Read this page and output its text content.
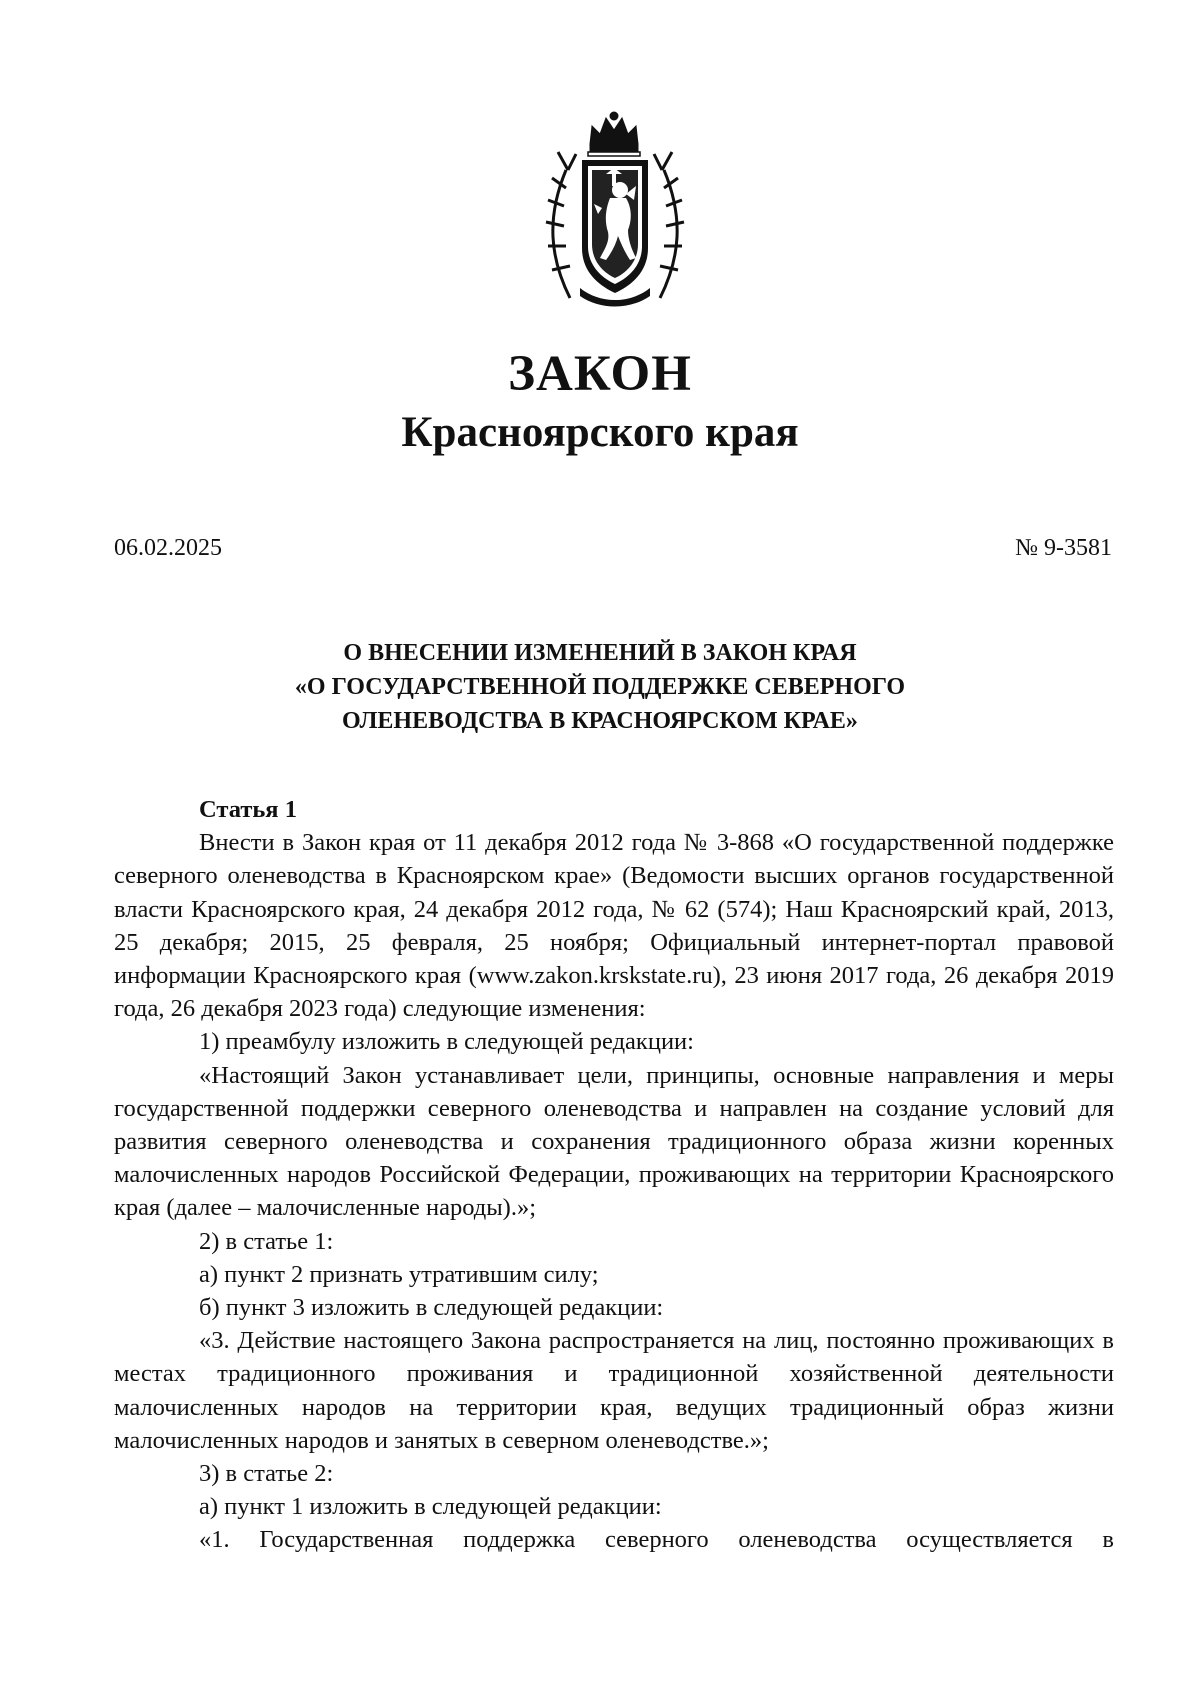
ЗАКОН
Красноярского края
06.02.2025	№ 9-3581
О ВНЕСЕНИИ ИЗМЕНЕНИЙ В ЗАКОН КРАЯ
«О ГОСУДАРСТВЕННОЙ ПОДДЕРЖКЕ СЕВЕРНОГО
ОЛЕНЕВОДСТВА В КРАСНОЯРСКОМ КРАЕ»
Статья 1

Внести в Закон края от 11 декабря 2012 года № 3-868 «О государственной поддержке северного оленеводства в Красноярском крае» (Ведомости высших органов государственной власти Красноярского края, 24 декабря 2012 года, № 62 (574); Наш Красноярский край, 2013, 25 декабря; 2015, 25 февраля, 25 ноября; Официальный интернет-портал правовой информации Красноярского края (www.zakon.krskstate.ru), 23 июня 2017 года, 26 декабря 2019 года, 26 декабря 2023 года) следующие изменения:

1) преамбулу изложить в следующей редакции:

«Настоящий Закон устанавливает цели, принципы, основные направления и меры государственной поддержки северного оленеводства и направлен на создание условий для развития северного оленеводства и сохранения традиционного образа жизни коренных малочисленных народов Российской Федерации, проживающих на территории Красноярского края (далее – малочисленные народы).»;

2) в статье 1:

а) пункт 2 признать утратившим силу;

б) пункт 3 изложить в следующей редакции:

«3. Действие настоящего Закона распространяется на лиц, постоянно проживающих в местах традиционного проживания и традиционной хозяйственной деятельности малочисленных народов на территории края, ведущих традиционный образ жизни малочисленных народов и занятых в северном оленеводстве.»;

3) в статье 2:

а) пункт 1 изложить в следующей редакции:

«1. Государственная поддержка северного оленеводства осуществляется в
